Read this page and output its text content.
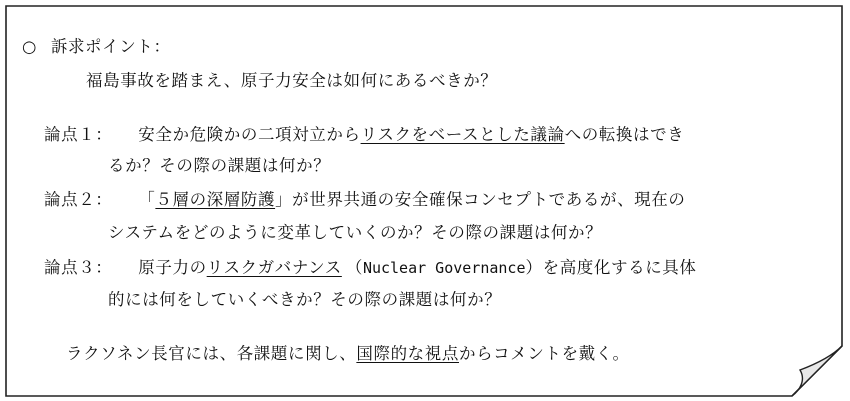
○ 訴求ポイント：
福島事故を踏まえ、原子力安全は如何にあるべきか？
論点１： 安全か危険かの二項対立からリスクをベースとした議論への転換はでき
るか？その際の課題は何か？
論点２： 「５層の深層防護」が世界共通の安全確保コンセプトであるが、現在の
システムをどのように変革していくのか？その際の課題は何か？
論点３： 原子力のリスクガバナンス （Nuclear Governance）を高度化するに具体
的には何をしていくべきか？その際の課題は何か？
ラクソネン長官には、各課題に関し、国際的な視点からコメントを戴く。
